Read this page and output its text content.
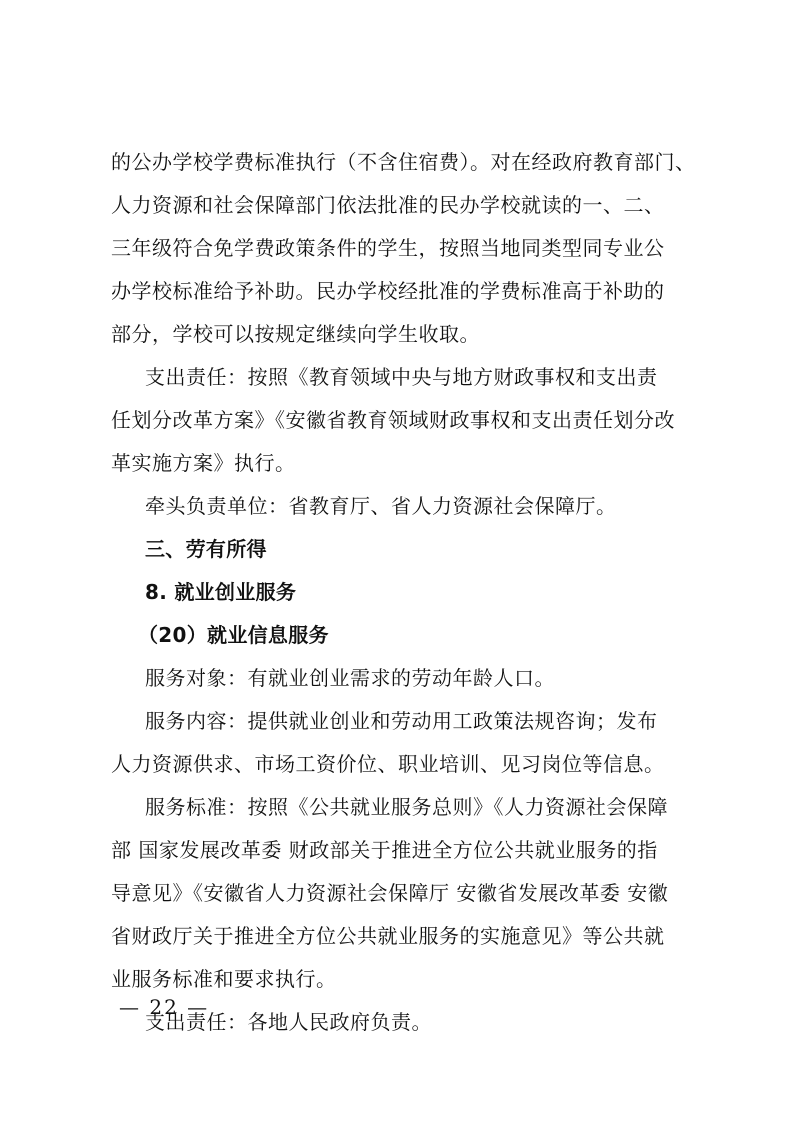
的公办学校学费标准执行（不含住宿费）。对在经政府教育部门、
人力资源和社会保障部门依法批准的民办学校就读的一、二、
三年级符合免学费政策条件的学生，按照当地同类型同专业公
办学校标准给予补助。民办学校经批准的学费标准高于补助的
部分，学校可以按规定继续向学生收取。
支出责任：按照《教育领域中央与地方财政事权和支出责
任划分改革方案》《安徽省教育领域财政事权和支出责任划分改
革实施方案》执行。
牵头负责单位：省教育厅、省人力资源社会保障厅。
三、劳有所得
8. 就业创业服务
（20）就业信息服务
服务对象：有就业创业需求的劳动年龄人口。
服务内容：提供就业创业和劳动用工政策法规咨询；发布
人力资源供求、市场工资价位、职业培训、见习岗位等信息。
服务标准：按照《公共就业服务总则》《人力资源社会保障
部 国家发展改革委 财政部关于推进全方位公共就业服务的指
导意见》《安徽省人力资源社会保障厅 安徽省发展改革委 安徽
省财政厅关于推进全方位公共就业服务的实施意见》等公共就
业服务标准和要求执行。
支出责任：各地人民政府负责。
— 22 —
